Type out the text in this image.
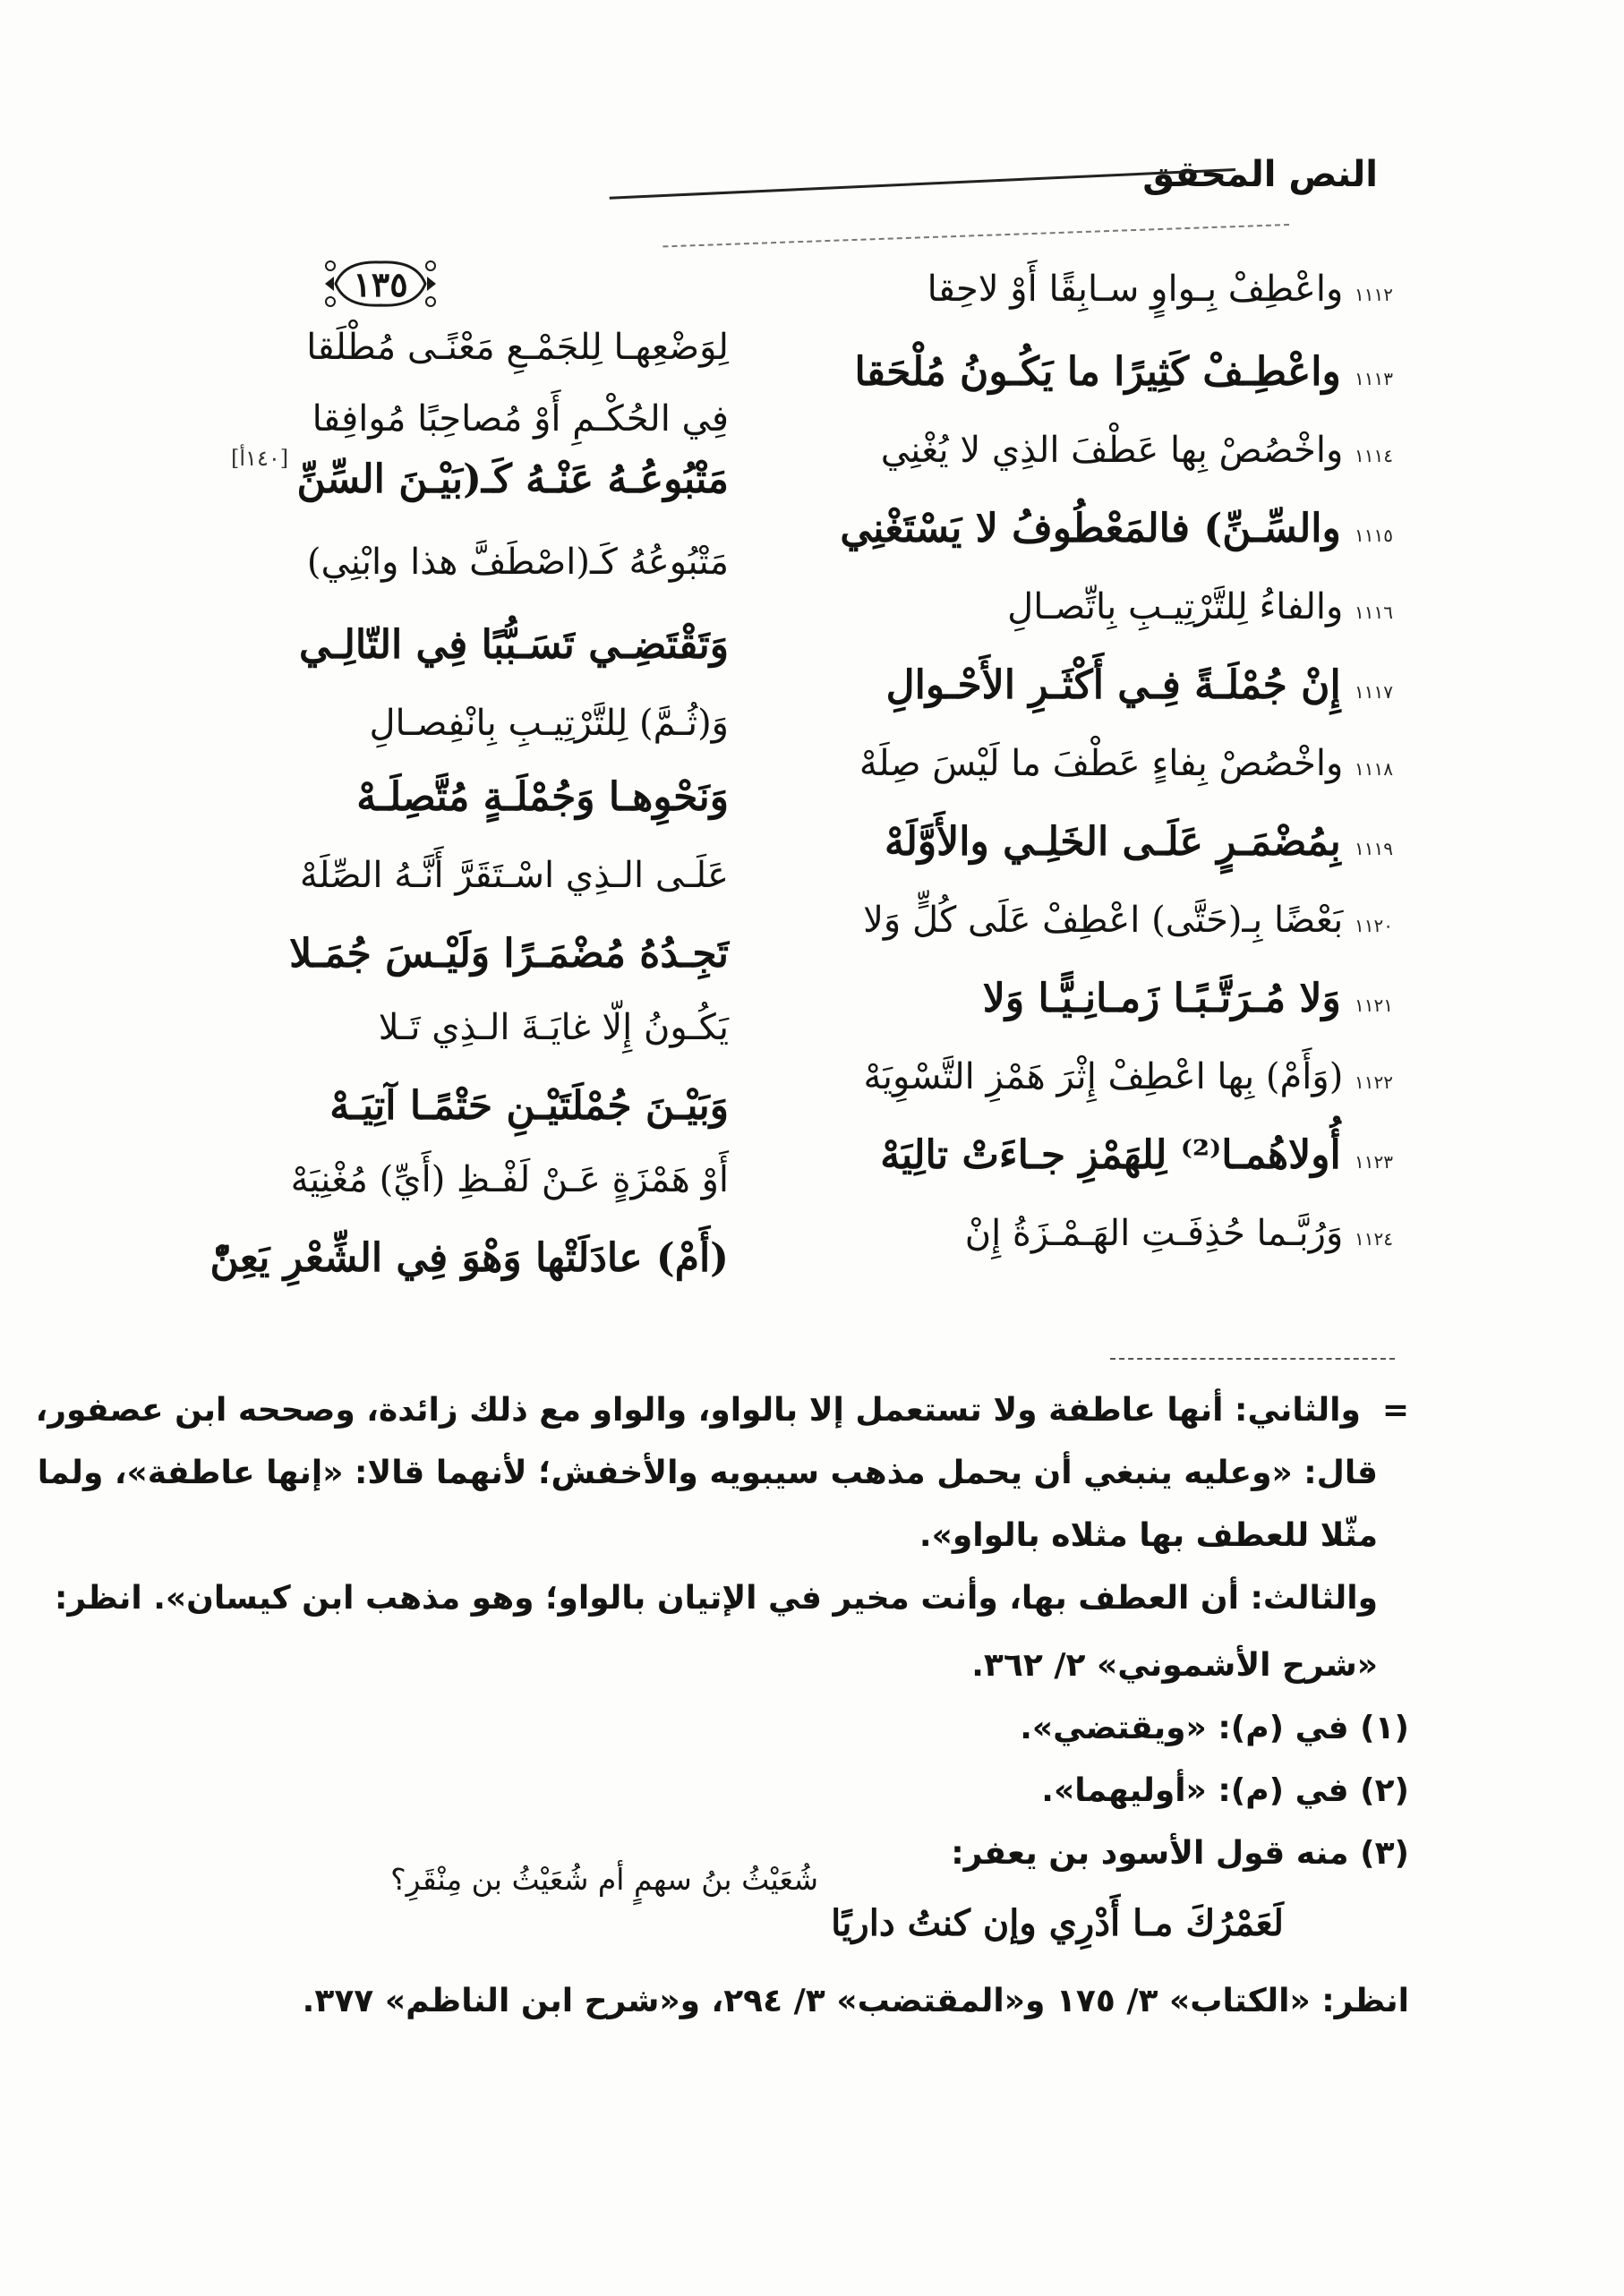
النص المحقق
١٣٥
[١٤٠أ]
١١١٢ واعْطِفْ بِـواوٍ سـابِقًا أَوْ لاحِقا
١١١٣ واعْطِـفْ كَثِيرًا ما يَكُـونُ مُلْحَقا
١١١٤ واخْصُصْ بِها عَطْفَ الذِي لا يُغْنِي
١١١٥ والسِّـنِّ) فالمَعْطُوفُ لا يَسْتَغْنِي
١١١٦ والفاءُ لِلتَّرْتِيـبِ بِاتِّصـالِ
١١١٧ إِنْ جُمْلَـةً فِـي أَكْثَـرِ الأَحْـوالِ
١١١٨ واخْصُصْ بِفاءٍ عَطْفَ ما لَيْسَ صِلَهْ
١١١٩ بِمُضْمَـرٍ عَلَـى الخَلِـي والأَوَّلَهْ
١١٢٠ بَعْضًا بِـ(حَتَّى) اعْطِفْ عَلَى كُلٍّ وَلا
١١٢١ وَلا مُـرَتَّـبًـا زَمـانِـيًّـا وَلا
١١٢٢ (وَأَمْ) بِها اعْطِفْ إِثْرَ هَمْزِ التَّسْوِيَهْ
١١٢٣ أُولاهُمـا⁽²⁾ لِلهَمْزِ جـاءَتْ تالِيَهْ
١١٢٤ وَرُبَّـما حُذِفَـتِ الهَـمْـزَةُ إِنْ
لِوَضْعِهـا لِلجَمْـعِ مَعْنًـى مُطْلَقا
فِي الحُكْـمِ أَوْ مُصاحِبًا مُوافِقا
مَتْبُوعُـهُ عَنْـهُ كَـ(بَيْـنَ السِّنِّ
مَتْبُوعُهُ كَـ(اصْطَفَّ هذا وابْنِي)
وَتَقْتَضِـي تَسَـبُّبًا فِي التّالِـي
وَ(ثُـمَّ) لِلتَّرْتِيـبِ بِانْفِصـالِ
وَنَحْوِهـا وَجُمْلَـةٍ مُتَّصِلَـهْ
عَلَـى الـذِي اسْـتَقَرَّ أَنَّـهُ الصِّلَهْ
تَجِـدُهُ مُضْمَـرًا وَلَيْـسَ جُمَـلا
يَكُـونُ إِلّا غايَـةَ الـذِي تَـلا
وَبَيْـنَ جُمْلَتَيْـنِ حَتْمًـا آتِيَـهْ
أَوْ هَمْزَةٍ عَـنْ لَفْـظِ (أَيِّ) مُغْنِيَهْ
(أَمْ) عادَلَتْها وَهْوَ فِي الشِّعْرِ يَعِنّْ
=والثاني: أنها عاطفة ولا تستعمل إلا بالواو، والواو مع ذلك زائدة، وصححه ابن عصفور،
قال: «وعليه ينبغي أن يحمل مذهب سيبويه والأخفش؛ لأنهما قالا: «إنها عاطفة»، ولما
مثّلا للعطف بها مثلاه بالواو».
والثالث: أن العطف بها، وأنت مخير في الإتيان بالواو؛ وهو مذهب ابن كيسان». انظر:
«شرح الأشموني» ٢/ ٣٦٢.
(١) في (م): «ويقتضي».
(٢) في (م): «أوليهما».
(٣) منه قول الأسود بن يعفر:
لَعَمْرُكَ مـا أَدْرِي وإن كنتُ داريًا
شُعَيْثُ بنُ سهمٍ أم شُعَيْثُ بن مِنْقَرِ؟
انظر: «الكتاب» ٣/ ١٧٥ و«المقتضب» ٣/ ٢٩٤، و«شرح ابن الناظم» ٣٧٧.
